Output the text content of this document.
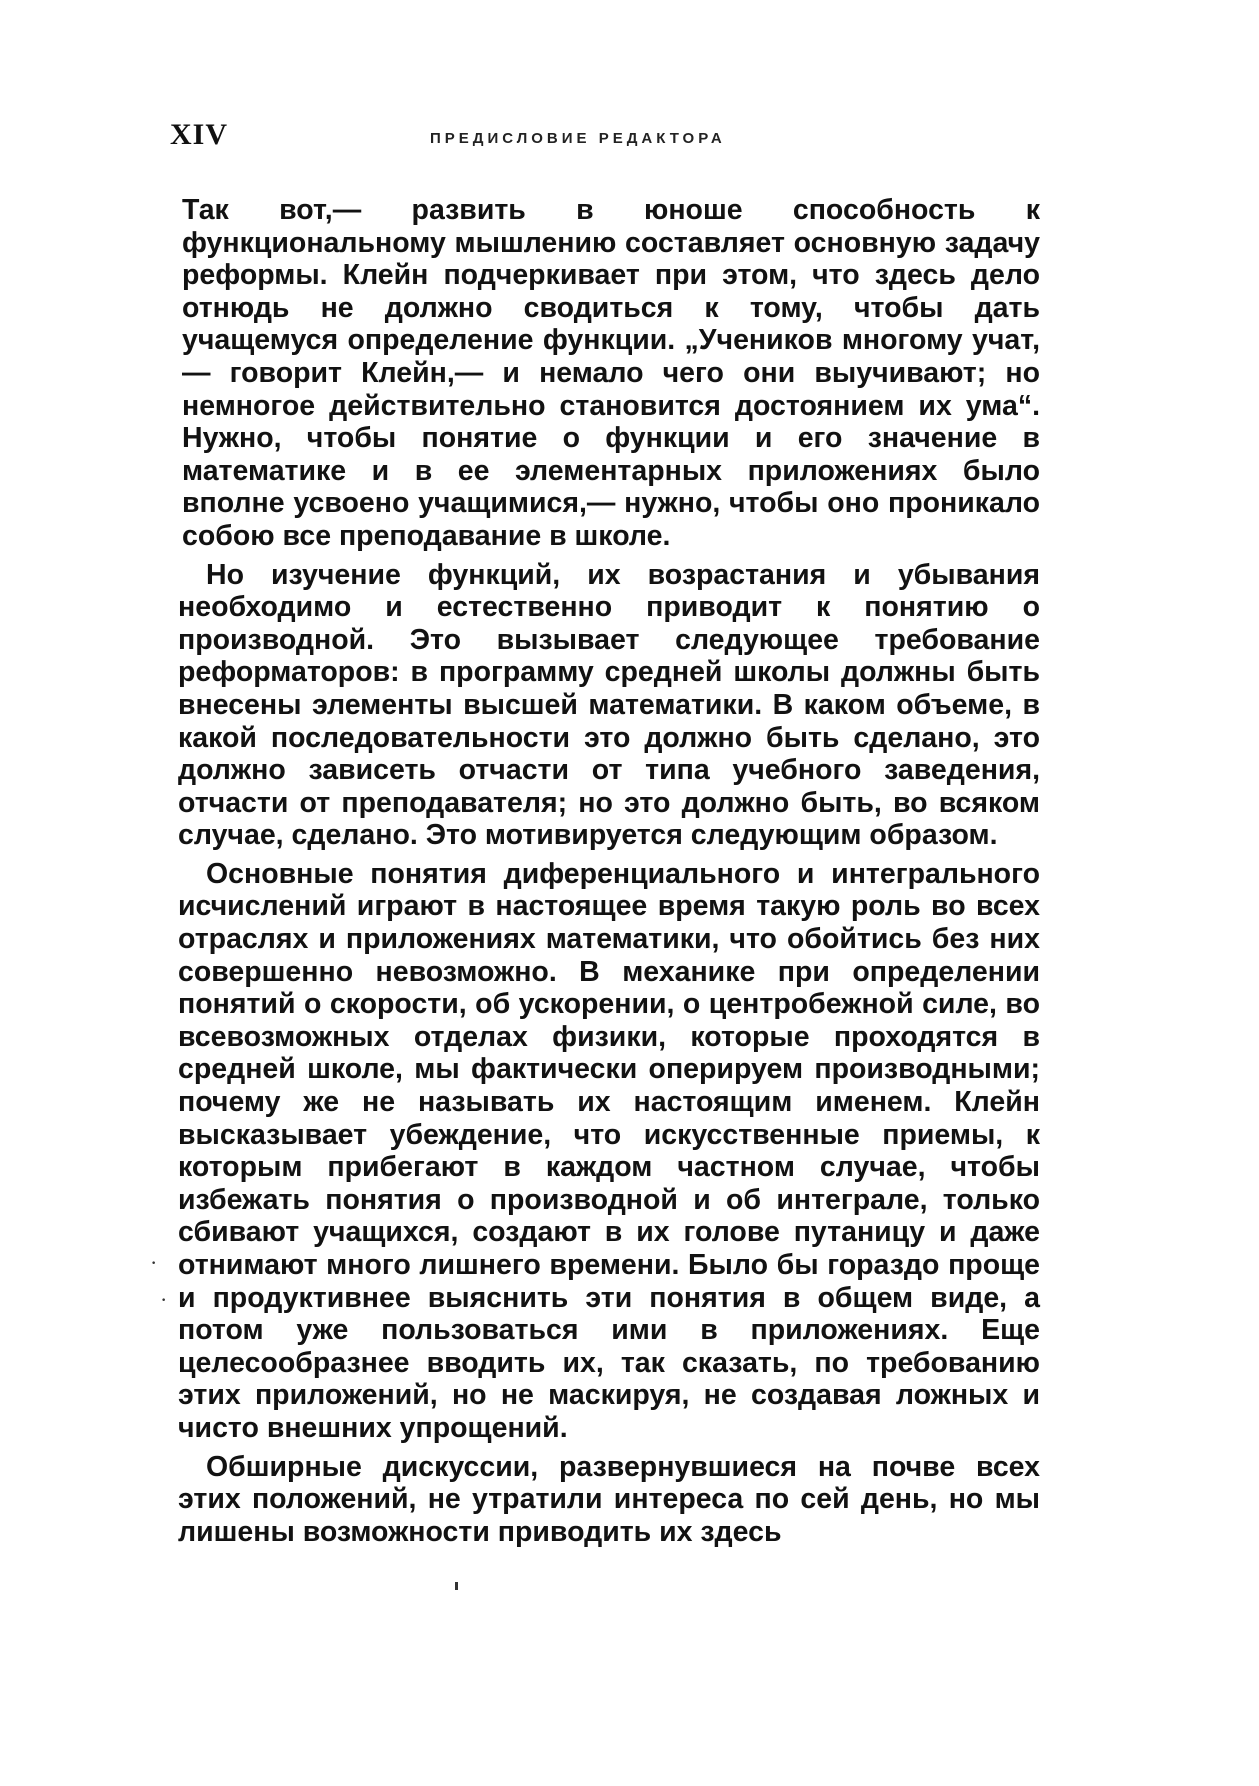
XIV	ПРЕДИСЛОВИЕ РЕДАКТОРА

Так вот,— развить в юноше способность к функциональному мышлению составляет основную задачу реформы. Клейн подчеркивает при этом, что здесь дело отнюдь не должно сводиться к тому, чтобы дать учащемуся определение функции. „Учеников многому учат,— говорит Клейн,— и немало чего они выучивают; но немногое действительно становится достоянием их ума“. Нужно, чтобы понятие о функции и его значение в математике и в ее элементарных приложениях было вполне усвоено учащимися,— нужно, чтобы оно проникало собою все преподавание в школе.

Но изучение функций, их возрастания и убывания необходимо и естественно приводит к понятию о производной. Это вызывает следующее требование реформаторов: в программу средней школы должны быть внесены элементы высшей математики. В каком объеме, в какой последовательности это должно быть сделано, это должно зависеть отчасти от типа учебного заведения, отчасти от преподавателя; но это должно быть, во всяком случае, сделано. Это мотивируется следующим образом.

Основные понятия диференциального и интегрального исчислений играют в настоящее время такую роль во всех отраслях и приложениях математики, что обойтись без них совершенно невозможно. В механике при определении понятий о скорости, об ускорении, о центробежной силе, во всевозможных отделах физики, которые проходятся в средней школе, мы фактически оперируем производными; почему же не называть их настоящим именем. Клейн высказывает убеждение, что искусственные приемы, к которым прибегают в каждом частном случае, чтобы избежать понятия о производной и об интеграле, только сбивают учащихся, создают в их голове путаницу и даже отнимают много лишнего времени. Было бы гораздо проще и продуктивнее выяснить эти понятия в общем виде, а потом уже пользоваться ими в приложениях. Еще целесообразнее вводить их, так сказать, по требованию этих приложений, но не маскируя, не создавая ложных и чисто внешних упрощений.

Обширные дискуссии, развернувшиеся на почве всех этих положений, не утратили интереса по сей день, но мы лишены возможности приводить их здесь

·
·
